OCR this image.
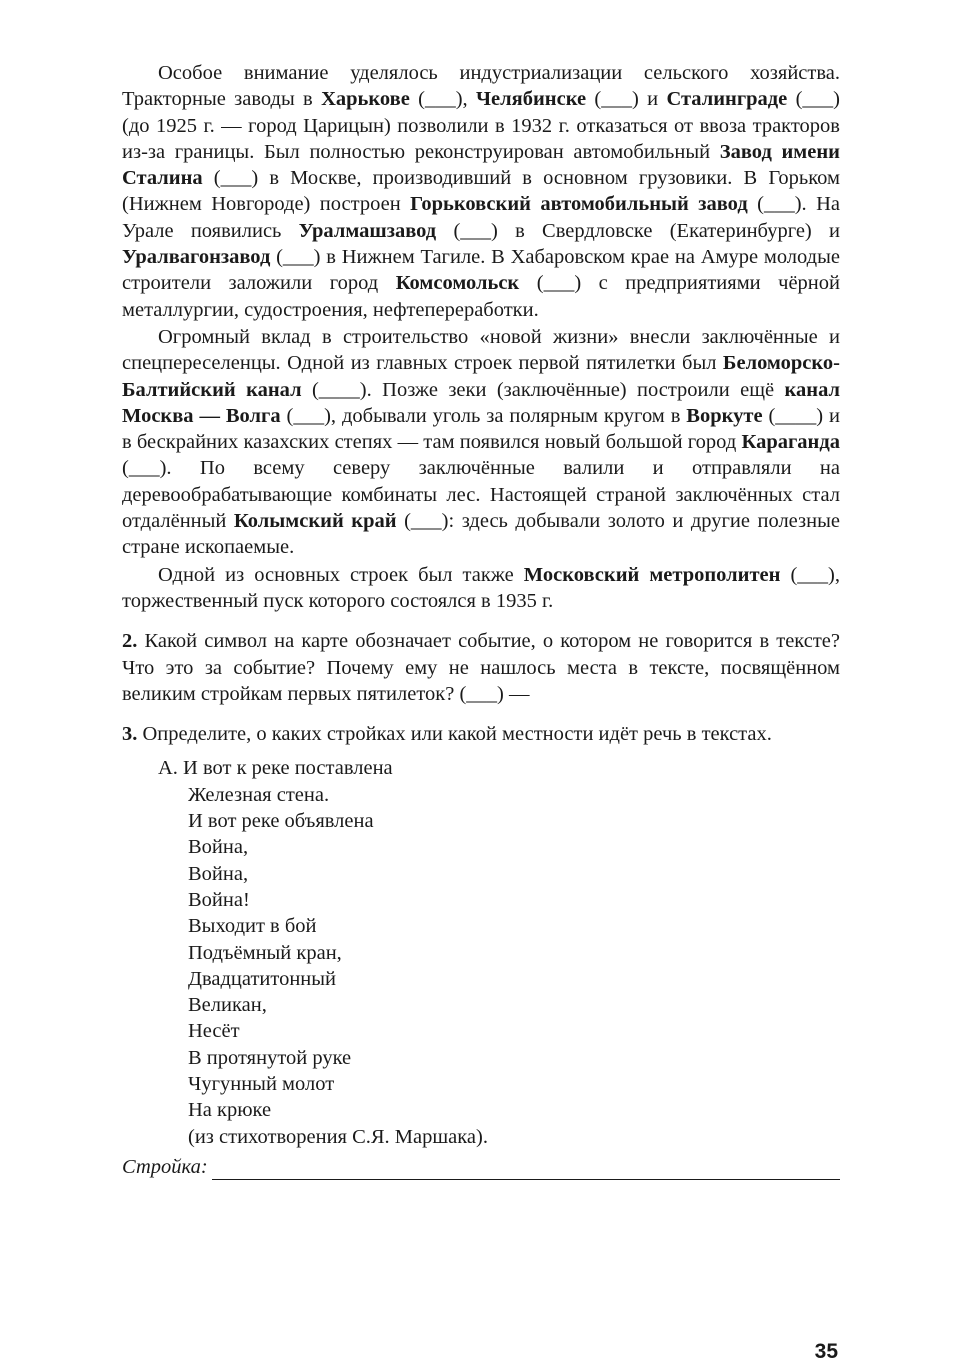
Особое внимание уделялось индустриализации сельского хозяйства. Тракторные заводы в Харькове (___), Челябинске (___) и Сталинграде (___) (до 1925 г. — город Царицын) позволили в 1932 г. отказаться от ввоза тракторов из-за границы. Был полностью реконструирован автомобильный Завод имени Сталина (___) в Москве, производивший в основном грузовики. В Горьком (Нижнем Новгороде) построен Горьковский автомобильный завод (___). На Урале появились Уралмашзавод (___) в Свердловске (Екатеринбурге) и Уралвагонзавод (___) в Нижнем Тагиле. В Хабаровском крае на Амуре молодые строители заложили город Комсомольск (___) с предприятиями чёрной металлургии, судостроения, нефтепереработки.

Огромный вклад в строительство «новой жизни» внесли заключённые и спецпереселенцы. Одной из главных строек первой пятилетки был Беломорско-Балтийский канал (____). Позже зеки (заключённые) построили ещё канал Москва — Волга (___), добывали уголь за полярным кругом в Воркуте (____) и в бескрайних казахских степях — там появился новый большой город Караганда (___). По всему северу заключённые валили и отправляли на деревообрабатывающие комбинаты лес. Настоящей страной заключённых стал отдалённый Колымский край (___): здесь добывали золото и другие полезные стране ископаемые.

Одной из основных строек был также Московский метрополитен (___), торжественный пуск которого состоялся в 1935 г.

2. Какой символ на карте обозначает событие, о котором не говорится в тексте? Что это за событие? Почему ему не нашлось места в тексте, посвящённом великим стройкам первых пятилеток? (___) —

3. Определите, о каких стройках или какой местности идёт речь в текстах.

А. И вот к реке поставлена
Железная стена.
И вот реке объявлена
Война,
Война,
Война!
Выходит в бой
Подъёмный кран,
Двадцатитонный
Великан,
Несёт
В протянутой руке
Чугунный молот
На крюке
(из стихотворения С.Я. Маршака).
Стройка:
35
